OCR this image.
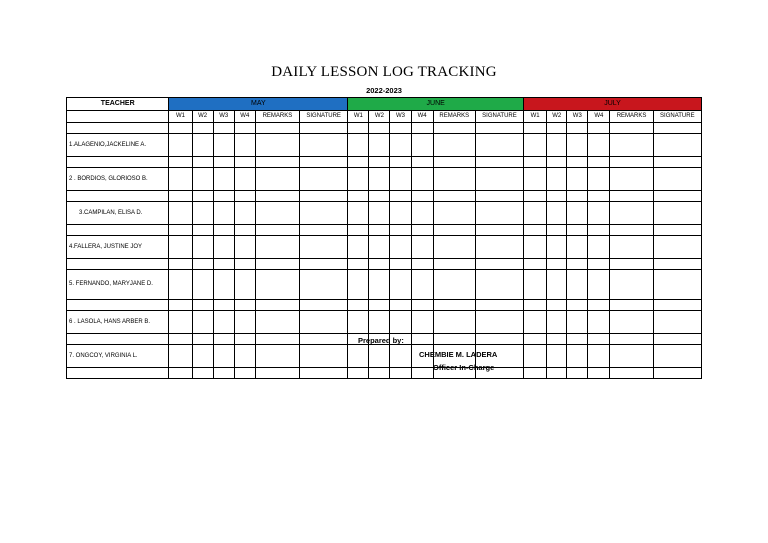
DAILY LESSON LOG TRACKING
2022-2023
TEACHER	MAY						JUNE						JULY					
	W1	W2	W3	W4	REMARKS	SIGNATURE	W1	W2	W3	W4	REMARKS	SIGNATURE	W1	W2	W3	W4	REMARKS	SIGNATURE

1.ALAGENIO,JACKELINE A.																		

2 . BORDIOS, GLORIOSO B.																		

3.CAMPILAN, ELISA D.																		

4.FALLERA, JUSTINE JOY																		

5. FERNANDO, MARYJANE D.																		

6 . LASOLA, HANS ARBER B.																		

7. ONGCOY, VIRGINIA L.																		

Prepared by:
CHEMBIE M. LADERA
Officer In-Charge
